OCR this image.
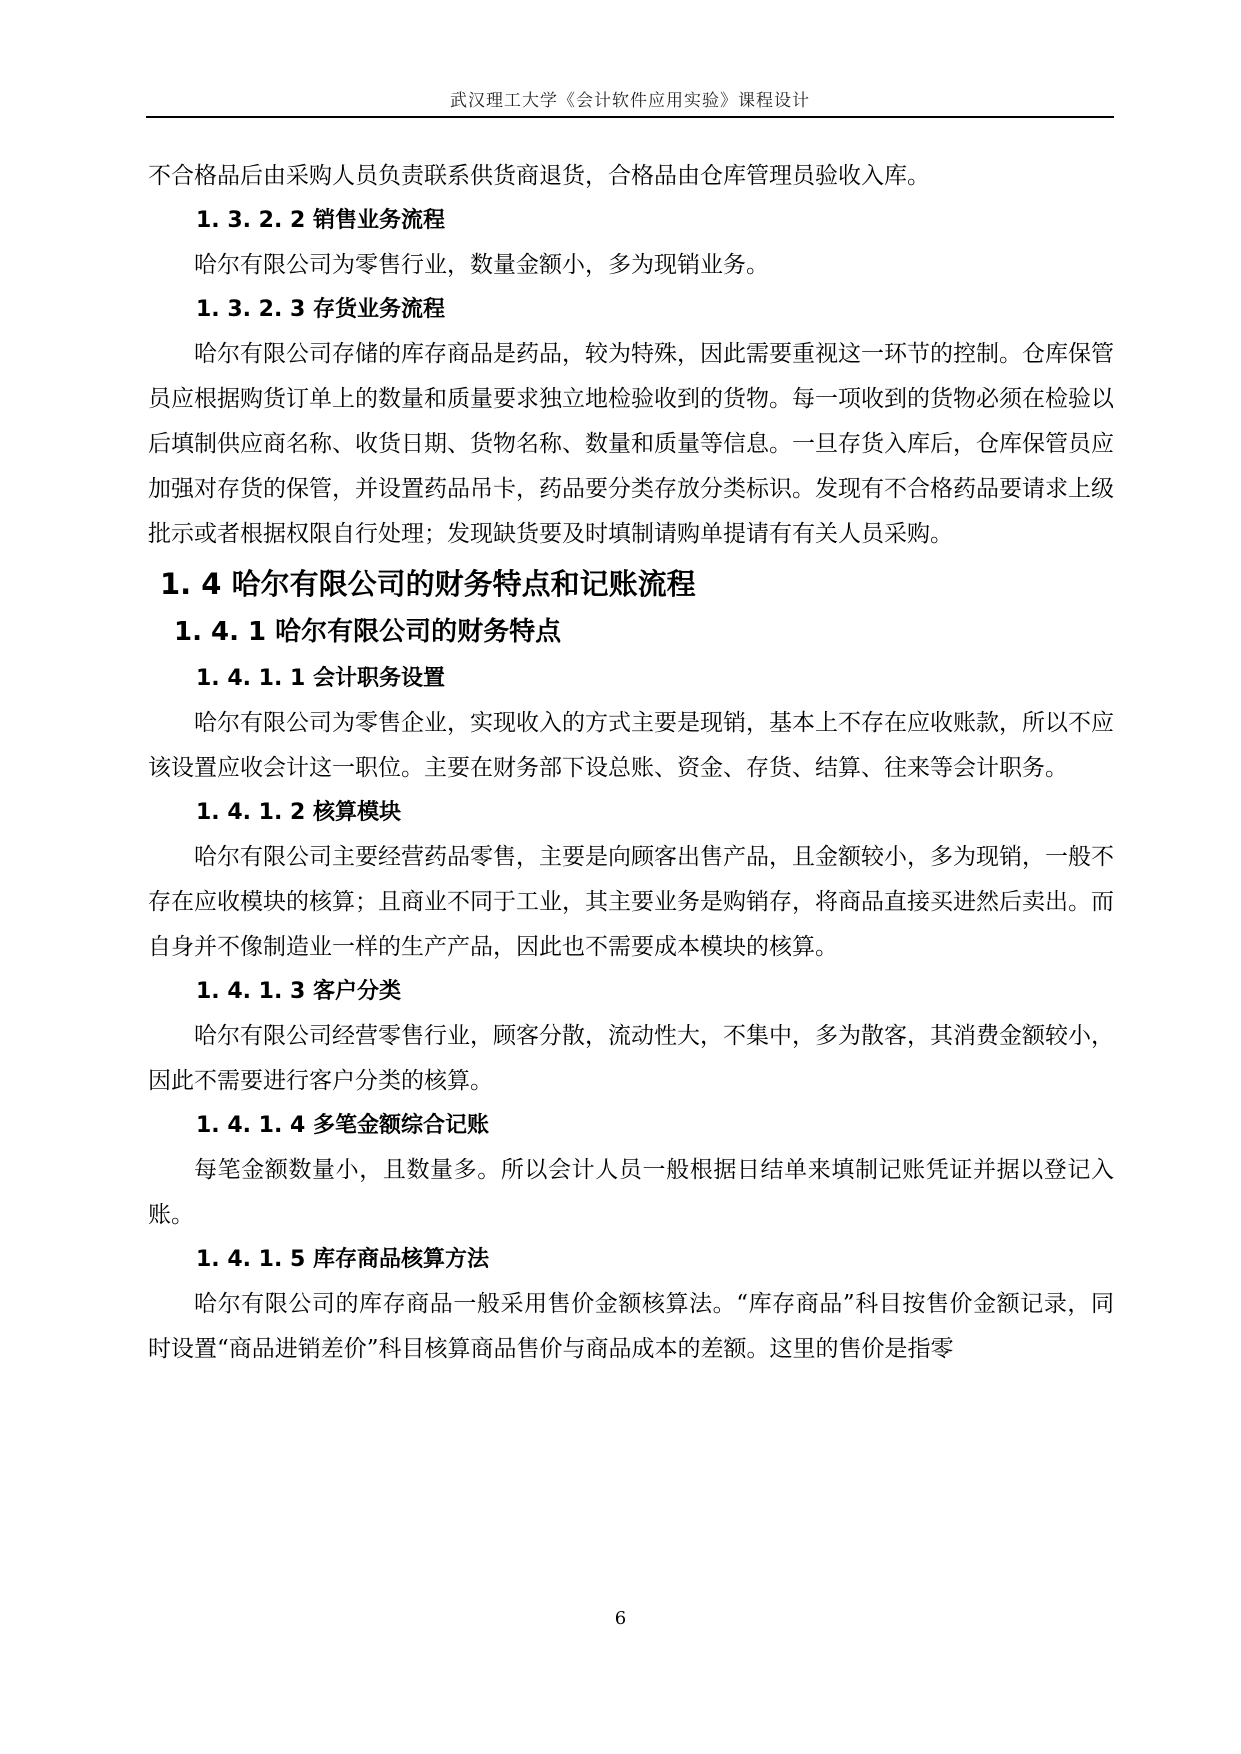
武汉理工大学《会计软件应用实验》课程设计
不合格品后由采购人员负责联系供货商退货，合格品由仓库管理员验收入库。
1. 3. 2. 2 销售业务流程
哈尔有限公司为零售行业，数量金额小，多为现销业务。
1. 3. 2. 3 存货业务流程
哈尔有限公司存储的库存商品是药品，较为特殊，因此需要重视这一环节的控制。仓库保管员应根据购货订单上的数量和质量要求独立地检验收到的货物。每一项收到的货物必须在检验以后填制供应商名称、收货日期、货物名称、数量和质量等信息。一旦存货入库后，仓库保管员应加强对存货的保管，并设置药品吊卡，药品要分类存放分类标识。发现有不合格药品要请求上级批示或者根据权限自行处理；发现缺货要及时填制请购单提请有有关人员采购。
1. 4 哈尔有限公司的财务特点和记账流程
1. 4. 1 哈尔有限公司的财务特点
1. 4. 1. 1 会计职务设置
哈尔有限公司为零售企业，实现收入的方式主要是现销，基本上不存在应收账款，所以不应该设置应收会计这一职位。主要在财务部下设总账、资金、存货、结算、往来等会计职务。
1. 4. 1. 2 核算模块
哈尔有限公司主要经营药品零售，主要是向顾客出售产品，且金额较小，多为现销，一般不存在应收模块的核算；且商业不同于工业，其主要业务是购销存，将商品直接买进然后卖出。而自身并不像制造业一样的生产产品，因此也不需要成本模块的核算。
1. 4. 1. 3 客户分类
哈尔有限公司经营零售行业，顾客分散，流动性大，不集中，多为散客，其消费金额较小，因此不需要进行客户分类的核算。
1. 4. 1. 4 多笔金额综合记账
每笔金额数量小，且数量多。所以会计人员一般根据日结单来填制记账凭证并据以登记入账。
1. 4. 1. 5 库存商品核算方法
哈尔有限公司的库存商品一般采用售价金额核算法。“库存商品”科目按售价金额记录，同时设置“商品进销差价”科目核算商品售价与商品成本的差额。这里的售价是指零
6
